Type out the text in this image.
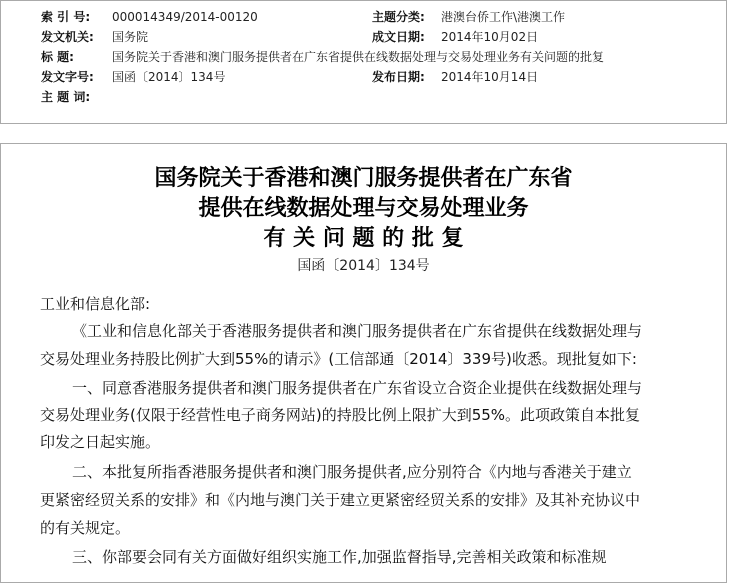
索 引 号: 000014349/2014-00120	主题分类: 港澳台侨工作\港澳工作
发文机关: 国务院	成文日期: 2014年10月02日
标 题:	国务院关于香港和澳门服务提供者在广东省提供在线数据处理与交易处理业务有关问题的批复
发文字号: 国函〔2014〕134号	发布日期: 2014年10月14日
主 题 词:
国务院关于香港和澳门服务提供者在广东省
提供在线数据处理与交易处理业务
有 关 问 题 的 批 复
国函〔2014〕134号
工业和信息化部:
《工业和信息化部关于香港服务提供者和澳门服务提供者在广东省提供在线数据处理与
交易处理业务持股比例扩大到55%的请示》(工信部通〔2014〕339号)收悉。现批复如下:
一、同意香港服务提供者和澳门服务提供者在广东省设立合资企业提供在线数据处理与
交易处理业务(仅限于经营性电子商务网站)的持股比例上限扩大到55%。此项政策自本批复
印发之日起实施。
二、本批复所指香港服务提供者和澳门服务提供者,应分别符合《内地与香港关于建立
更紧密经贸关系的安排》和《内地与澳门关于建立更紧密经贸关系的安排》及其补充协议中
的有关规定。
三、你部要会同有关方面做好组织实施工作,加强监督指导,完善相关政策和标准规
